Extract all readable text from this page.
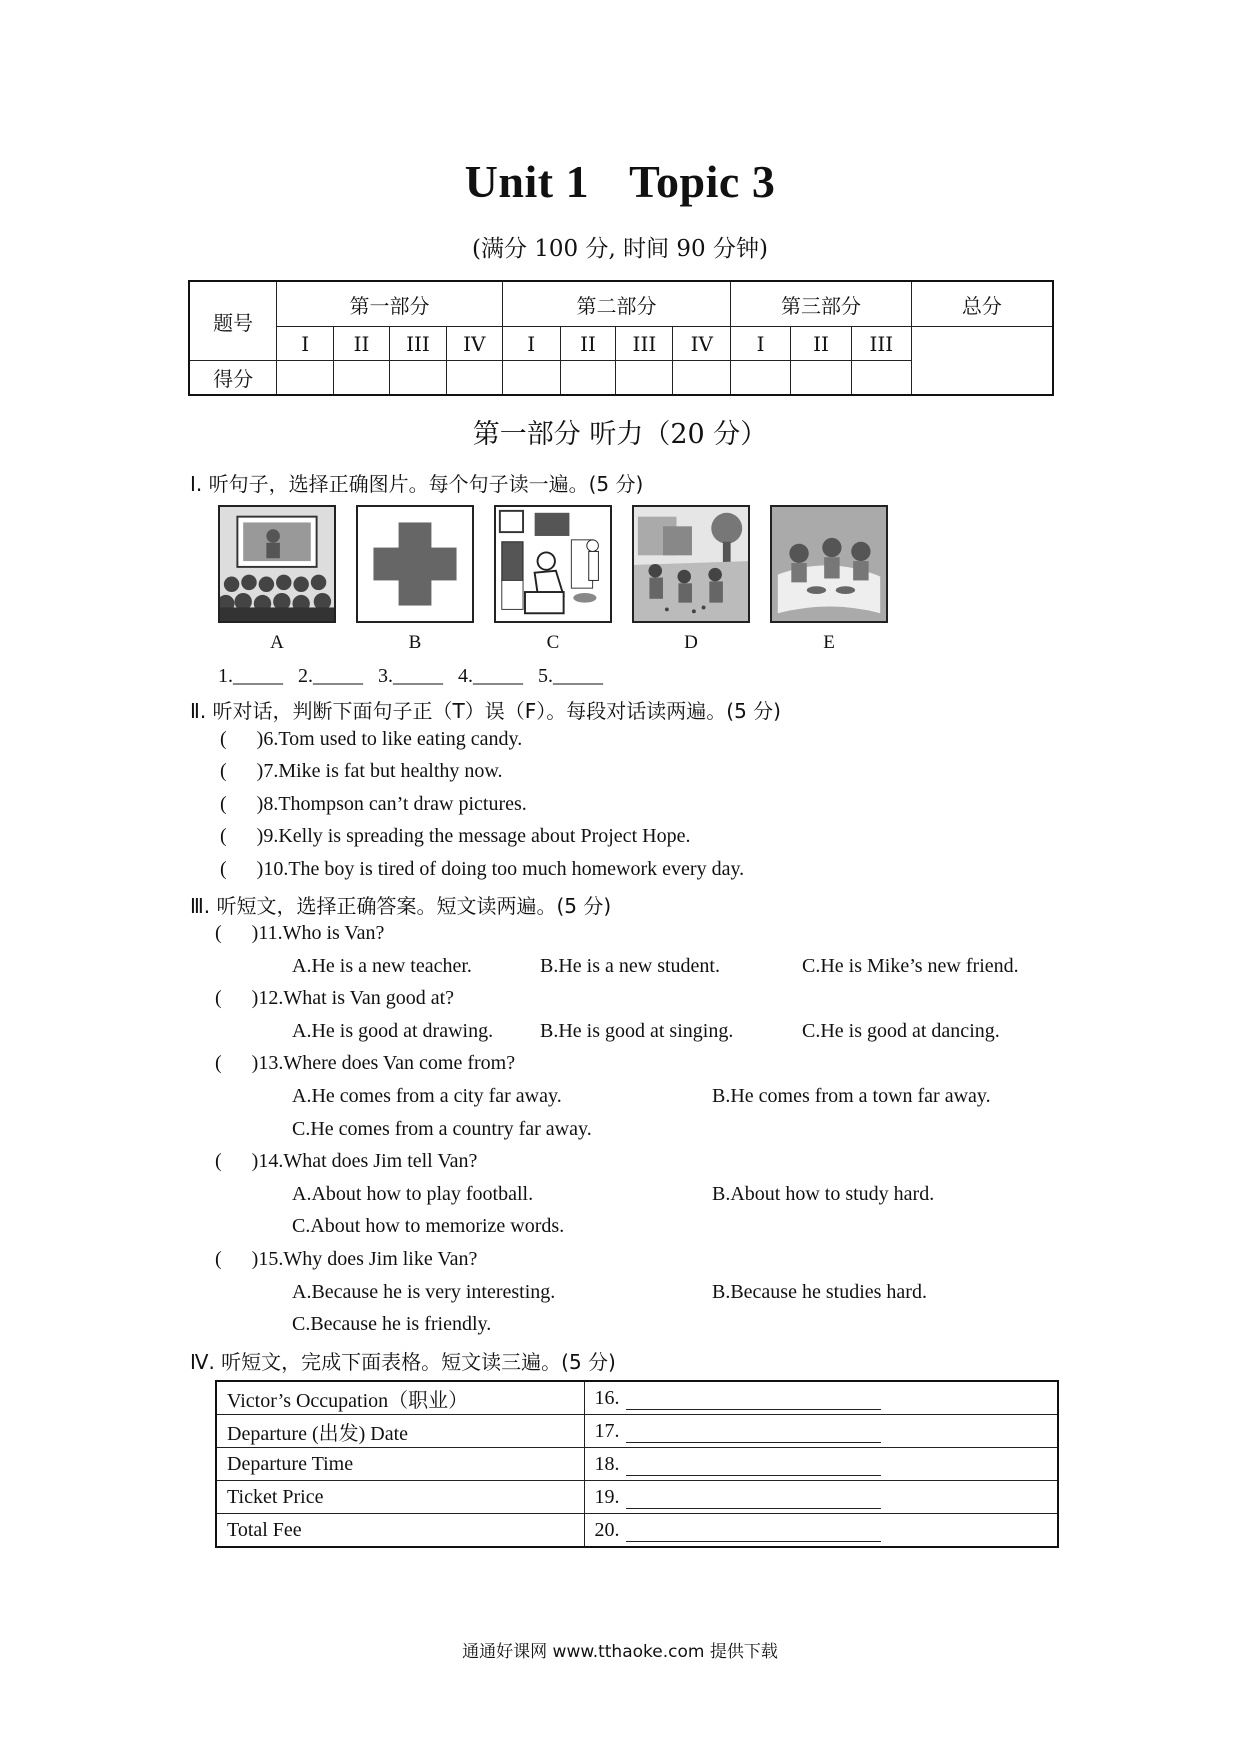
Unit 1 Topic 3
(满分 100 分, 时间 90 分钟)
题号	第一部分				第二部分				第三部分			总分
	I	II	III	IV	I	II	III	IV	I	II	III	
得分												
第一部分 听力（20 分）
Ⅰ. 听句子，选择正确图片。每个句子读一遍。(5 分)
A	B	C	D	E
1._____   2._____   3._____   4._____   5._____
Ⅱ. 听对话，判断下面句子正（T）误（F）。每段对话读两遍。(5 分)
(      )6.Tom used to like eating candy.
(      )7.Mike is fat but healthy now.
(      )8.Thompson can’t draw pictures.
(      )9.Kelly is spreading the message about Project Hope.
(      )10.The boy is tired of doing too much homework every day.
Ⅲ. 听短文，选择正确答案。短文读两遍。(5 分)
(      )11.Who is Van?
A.He is a new teacher.	B.He is a new student.	C.He is Mike’s new friend.
(      )12.What is Van good at?
A.He is good at drawing. B.He is good at singing.	C.He is good at dancing.
(      )13.Where does Van come from?
A.He comes from a city far away.	B.He comes from a town far away.
C.He comes from a country far away.
(      )14.What does Jim tell Van?
A.About how to play football.	B.About how to study hard.
C.About how to memorize words.
(      )15.Why does Jim like Van?
A.Because he is very interesting.	B.Because he studies hard.
C.Because he is friendly.
Ⅳ. 听短文，完成下面表格。短文读三遍。(5 分)
Victor’s Occupation（职业）	16.
Departure (出发) Date	17.
Departure Time	18.
Ticket Price	19.
Total Fee	20.
通通好课网 www.tthaoke.com 提供下载
